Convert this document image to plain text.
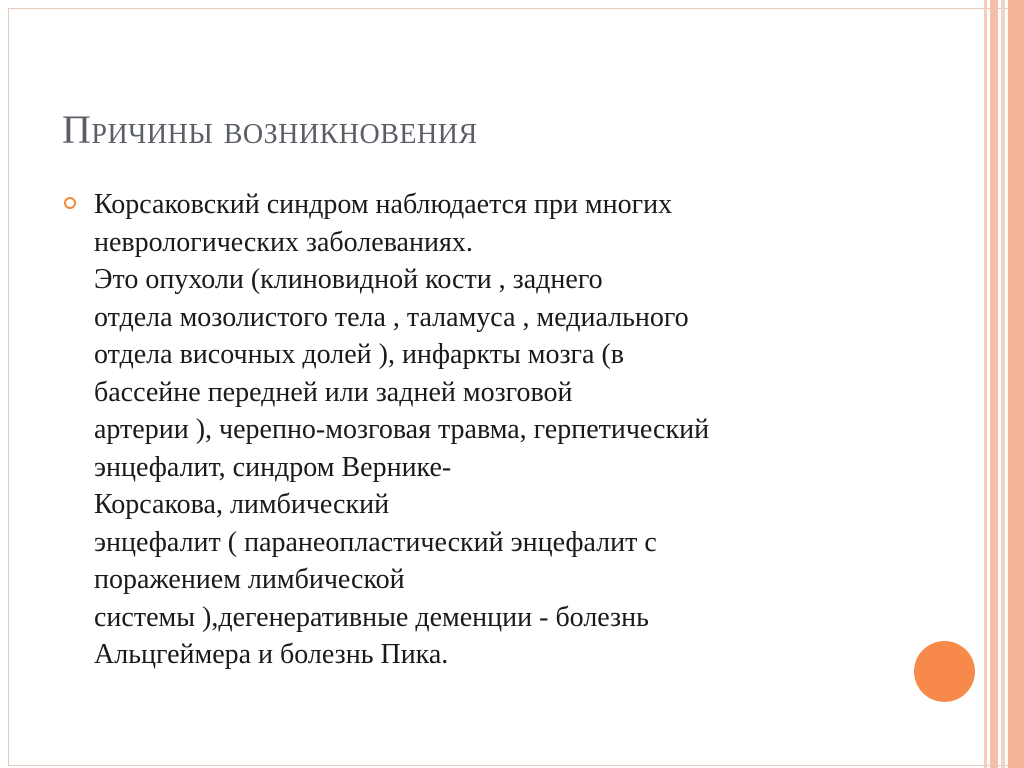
Причины возникновения
Корсаковский синдром наблюдается при многих
неврологических заболеваниях.
Это опухоли (клиновидной кости , заднего
отдела мозолистого тела , таламуса , медиального
отдела височных долей ), инфаркты мозга (в
бассейне передней или задней мозговой
артерии ), черепно-мозговая травма, герпетический
энцефалит, синдром Вернике-
Корсакова, лимбический
энцефалит ( паранеопластический энцефалит с
поражением лимбической
системы ),дегенеративные деменции - болезнь
Альцгеймера и болезнь Пика.
